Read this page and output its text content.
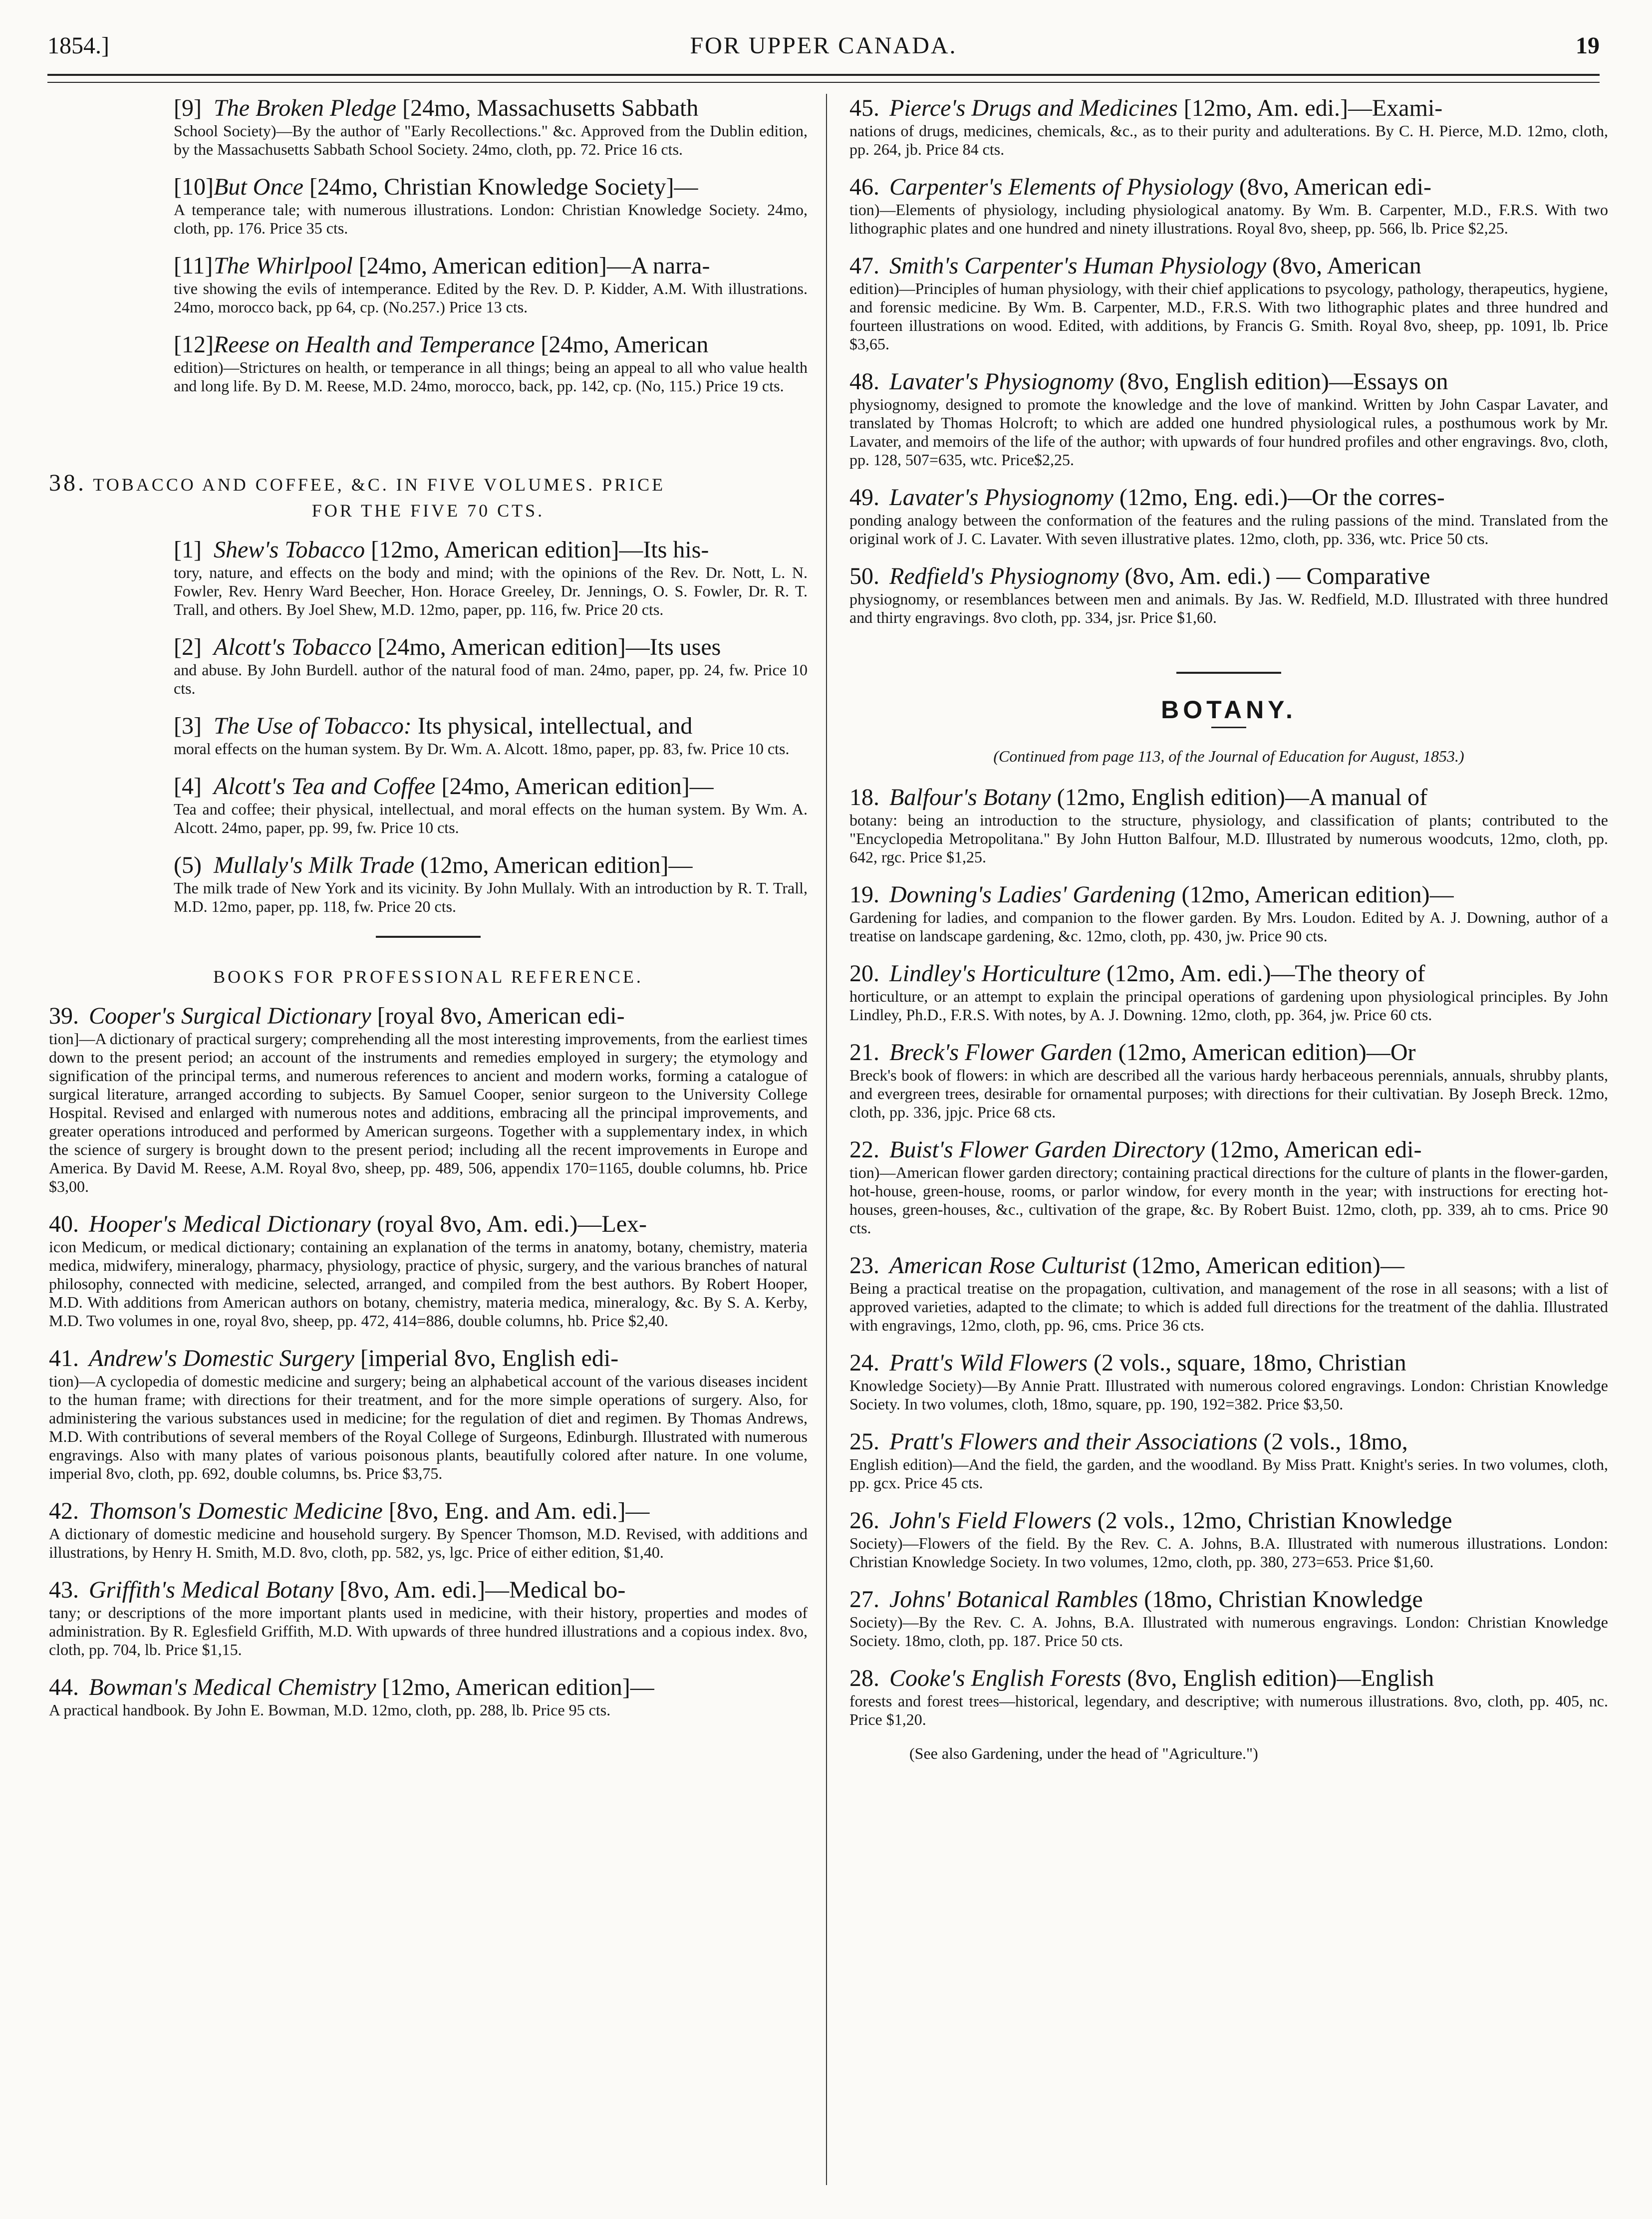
1854.]	FOR UPPER CANADA.	19
[9] The Broken Pledge [24mo, Massachusetts Sabbath
School Society)—By the author of "Early Recollections." &c. Approved from the Dublin edition, by the Massachusetts Sabbath School Society. 24mo, cloth, pp. 72. Price 16 cts.
[10]But Once [24mo, Christian Knowledge Society]—
A temperance tale; with numerous illustrations. London: Christian Knowledge Society. 24mo, cloth, pp. 176. Price 35 cts.
[11]The Whirlpool [24mo, American edition]—A narra-
tive showing the evils of intemperance. Edited by the Rev. D. P. Kidder, A.M. With illustrations. 24mo, morocco back, pp 64, cp. (No.257.) Price 13 cts.
[12]Reese on Health and Temperance [24mo, American
edition)—Strictures on health, or temperance in all things; being an appeal to all who value health and long life. By D. M. Reese, M.D. 24mo, morocco, back, pp. 142, cp. (No, 115.) Price 19 cts.
38. TOBACCO AND COFFEE, &C. IN FIVE VOLUMES. PRICE
FOR THE FIVE 70 CTS.
[1] Shew's Tobacco [12mo, American edition]—Its his-
tory, nature, and effects on the body and mind; with the opinions of the Rev. Dr. Nott, L. N. Fowler, Rev. Henry Ward Beecher, Hon. Horace Greeley, Dr. Jennings, O. S. Fowler, Dr. R. T. Trall, and others. By Joel Shew, M.D. 12mo, paper, pp. 116, fw. Price 20 cts.
[2] Alcott's Tobacco [24mo, American edition]—Its uses
and abuse. By John Burdell. author of the natural food of man. 24mo, paper, pp. 24, fw. Price 10 cts.
[3] The Use of Tobacco: Its physical, intellectual, and
moral effects on the human system. By Dr. Wm. A. Alcott. 18mo, paper, pp. 83, fw. Price 10 cts.
[4] Alcott's Tea and Coffee [24mo, American edition]—
Tea and coffee; their physical, intellectual, and moral effects on the human system. By Wm. A. Alcott. 24mo, paper, pp. 99, fw. Price 10 cts.
(5) Mullaly's Milk Trade (12mo, American edition]—
The milk trade of New York and its vicinity. By John Mullaly. With an introduction by R. T. Trall, M.D. 12mo, paper, pp. 118, fw. Price 20 cts.
BOOKS FOR PROFESSIONAL REFERENCE.
39. Cooper's Surgical Dictionary [royal 8vo, American edi-
tion]—A dictionary of practical surgery; comprehending all the most interesting improvements, from the earliest times down to the present period; an account of the instruments and remedies employed in surgery; the etymology and signification of the principal terms, and numerous references to ancient and modern works, forming a catalogue of surgical literature, arranged according to subjects. By Samuel Cooper, senior surgeon to the University College Hospital. Revised and enlarged with numerous notes and additions, embracing all the principal improvements, and greater operations introduced and performed by American surgeons. Together with a supplementary index, in which the science of surgery is brought down to the present period; including all the recent improvements in Europe and America. By David M. Reese, A.M. Royal 8vo, sheep, pp. 489, 506, appendix 170=1165, double columns, hb. Price $3,00.
40. Hooper's Medical Dictionary (royal 8vo, Am. edi.)—Lex-
icon Medicum, or medical dictionary; containing an explanation of the terms in anatomy, botany, chemistry, materia medica, midwifery, mineralogy, pharmacy, physiology, practice of physic, surgery, and the various branches of natural philosophy, connected with medicine, selected, arranged, and compiled from the best authors. By Robert Hooper, M.D. With additions from American authors on botany, chemistry, materia medica, mineralogy, &c. By S. A. Kerby, M.D. Two volumes in one, royal 8vo, sheep, pp. 472, 414=886, double columns, hb. Price $2,40.
41. Andrew's Domestic Surgery [imperial 8vo, English edi-
tion)—A cyclopedia of domestic medicine and surgery; being an alphabetical account of the various diseases incident to the human frame; with directions for their treatment, and for the more simple operations of surgery. Also, for administering the various substances used in medicine; for the regulation of diet and regimen. By Thomas Andrews, M.D. With contributions of several members of the Royal College of Surgeons, Edinburgh. Illustrated with numerous engravings. Also with many plates of various poisonous plants, beautifully colored after nature. In one volume, imperial 8vo, cloth, pp. 692, double columns, bs. Price $3,75.
42. Thomson's Domestic Medicine [8vo, Eng. and Am. edi.]—
A dictionary of domestic medicine and household surgery. By Spencer Thomson, M.D. Revised, with additions and illustrations, by Henry H. Smith, M.D. 8vo, cloth, pp. 582, ys, lgc. Price of either edition, $1,40.
43. Griffith's Medical Botany [8vo, Am. edi.]—Medical bo-
tany; or descriptions of the more important plants used in medicine, with their history, properties and modes of administration. By R. Eglesfield Griffith, M.D. With upwards of three hundred illustrations and a copious index. 8vo, cloth, pp. 704, lb. Price $1,15.
44. Bowman's Medical Chemistry [12mo, American edition]—
A practical handbook. By John E. Bowman, M.D. 12mo, cloth, pp. 288, lb. Price 95 cts.
45. Pierce's Drugs and Medicines [12mo, Am. edi.]—Exami-
nations of drugs, medicines, chemicals, &c., as to their purity and adulterations. By C. H. Pierce, M.D. 12mo, cloth, pp. 264, jb. Price 84 cts.
46. Carpenter's Elements of Physiology (8vo, American edi-
tion)—Elements of physiology, including physiological anatomy. By Wm. B. Carpenter, M.D., F.R.S. With two lithographic plates and one hundred and ninety illustrations. Royal 8vo, sheep, pp. 566, lb. Price $2,25.
47. Smith's Carpenter's Human Physiology (8vo, American
edition)—Principles of human physiology, with their chief applications to psycology, pathology, therapeutics, hygiene, and forensic medicine. By Wm. B. Carpenter, M.D., F.R.S. With two lithographic plates and three hundred and fourteen illustrations on wood. Edited, with additions, by Francis G. Smith. Royal 8vo, sheep, pp. 1091, lb. Price $3,65.
48. Lavater's Physiognomy (8vo, English edition)—Essays on
physiognomy, designed to promote the knowledge and the love of mankind. Written by John Caspar Lavater, and translated by Thomas Holcroft; to which are added one hundred physiological rules, a posthumous work by Mr. Lavater, and memoirs of the life of the author; with upwards of four hundred profiles and other engravings. 8vo, cloth, pp. 128, 507=635, wtc. Price$2,25.
49. Lavater's Physiognomy (12mo, Eng. edi.)—Or the corres-
ponding analogy between the conformation of the features and the ruling passions of the mind. Translated from the original work of J. C. Lavater. With seven illustrative plates. 12mo, cloth, pp. 336, wtc. Price 50 cts.
50. Redfield's Physiognomy (8vo, Am. edi.) — Comparative
physiognomy, or resemblances between men and animals. By Jas. W. Redfield, M.D. Illustrated with three hundred and thirty engravings. 8vo cloth, pp. 334, jsr. Price $1,60.
BOTANY.
(Continued from page 113, of the Journal of Education for August, 1853.)
18. Balfour's Botany (12mo, English edition)—A manual of
botany: being an introduction to the structure, physiology, and classification of plants; contributed to the "Encyclopedia Metropolitana." By John Hutton Balfour, M.D. Illustrated by numerous woodcuts, 12mo, cloth, pp. 642, rgc. Price $1,25.
19. Downing's Ladies' Gardening (12mo, American edition)—
Gardening for ladies, and companion to the flower garden. By Mrs. Loudon. Edited by A. J. Downing, author of a treatise on landscape gardening, &c. 12mo, cloth, pp. 430, jw. Price 90 cts.
20. Lindley's Horticulture (12mo, Am. edi.)—The theory of
horticulture, or an attempt to explain the principal operations of gardening upon physiological principles. By John Lindley, Ph.D., F.R.S. With notes, by A. J. Downing. 12mo, cloth, pp. 364, jw. Price 60 cts.
21. Breck's Flower Garden (12mo, American edition)—Or
Breck's book of flowers: in which are described all the various hardy herbaceous perennials, annuals, shrubby plants, and evergreen trees, desirable for ornamental purposes; with directions for their cultivatian. By Joseph Breck. 12mo, cloth, pp. 336, jpjc. Price 68 cts.
22. Buist's Flower Garden Directory (12mo, American edi-
tion)—American flower garden directory; containing practical directions for the culture of plants in the flower-garden, hot-house, green-house, rooms, or parlor window, for every month in the year; with instructions for erecting hot-houses, green-houses, &c., cultivation of the grape, &c. By Robert Buist. 12mo, cloth, pp. 339, ah to cms. Price 90 cts.
23. American Rose Culturist (12mo, American edition)—
Being a practical treatise on the propagation, cultivation, and management of the rose in all seasons; with a list of approved varieties, adapted to the climate; to which is added full directions for the treatment of the dahlia. Illustrated with engravings, 12mo, cloth, pp. 96, cms. Price 36 cts.
24. Pratt's Wild Flowers (2 vols., square, 18mo, Christian
Knowledge Society)—By Annie Pratt. Illustrated with numerous colored engravings. London: Christian Knowledge Society. In two volumes, cloth, 18mo, square, pp. 190, 192=382. Price $3,50.
25. Pratt's Flowers and their Associations (2 vols., 18mo,
English edition)—And the field, the garden, and the woodland. By Miss Pratt. Knight's series. In two volumes, cloth, pp. gcx. Price 45 cts.
26. John's Field Flowers (2 vols., 12mo, Christian Knowledge
Society)—Flowers of the field. By the Rev. C. A. Johns, B.A. Illustrated with numerous illustrations. London: Christian Knowledge Society. In two volumes, 12mo, cloth, pp. 380, 273=653. Price $1,60.
27. Johns' Botanical Rambles (18mo, Christian Knowledge
Society)—By the Rev. C. A. Johns, B.A. Illustrated with numerous engravings. London: Christian Knowledge Society. 18mo, cloth, pp. 187. Price 50 cts.
28. Cooke's English Forests (8vo, English edition)—English
forests and forest trees—historical, legendary, and descriptive; with numerous illustrations. 8vo, cloth, pp. 405, nc. Price $1,20.
(See also Gardening, under the head of "Agriculture.")
